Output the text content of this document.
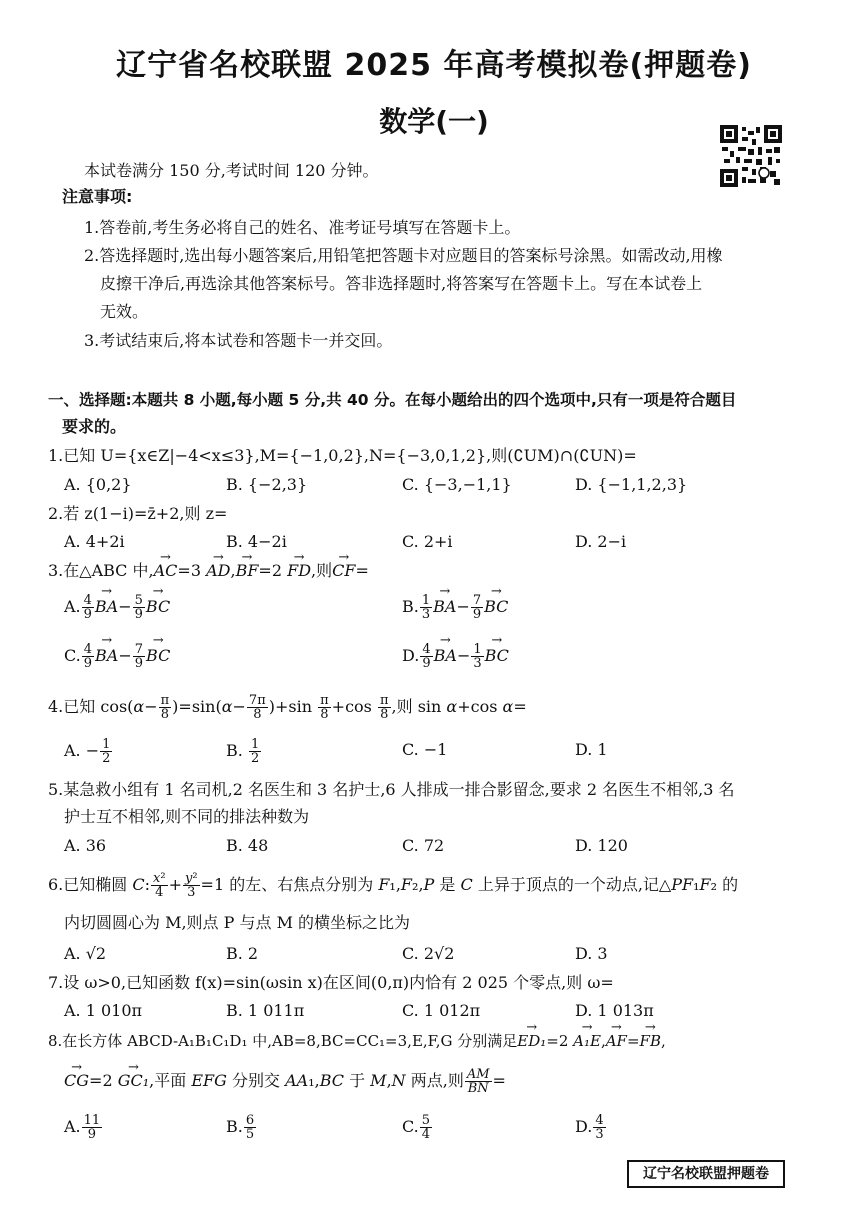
辽宁省名校联盟 2025 年高考模拟卷(押题卷)
数学(一)
本试卷满分 150 分,考试时间 120 分钟。
注意事项:
1.答卷前,考生务必将自己的姓名、准考证号填写在答题卡上。
2.答选择题时,选出每小题答案后,用铅笔把答题卡对应题目的答案标号涂黑。如需改动,用橡
皮擦干净后,再选涂其他答案标号。答非选择题时,将答案写在答题卡上。写在本试卷上
无效。
3.考试结束后,将本试卷和答题卡一并交回。
一、选择题:本题共 8 小题,每小题 5 分,共 40 分。在每小题给出的四个选项中,只有一项是符合题目
要求的。
1.已知 U={x∈Z|−4<x≤3},M={−1,0,2},N={−3,0,1,2},则(∁UM)∩(∁UN)=
A. {0,2}	B. {−2,3}	C. {−3,−1,1}	D. {−1,1,2,3}
2.若 z(1−i)=z̄+2,则 z=
A. 4+2i	B. 4−2i	C. 2+i	D. 2−i
3.在△ABC 中,→ AC=3 → AD,→ BF=2 → FD,则→ CF=
A. $\frac{4}{9}$
→ $BA- \frac{5}{9}$
→ BC	B. $\frac{1}{3}$
→ $BA- \frac{7}{9}$
→ BC
C. $\frac{4}{9}$
→ $BA- \frac{7}{9}$
→ BC	D. $\frac{4}{9}$
→ $BA- \frac{1}{3}$
→ BC
4.已知 $\cos(\alpha- \frac{\pi}{8} )=\sin(\alpha- \frac{7\pi}{8} )+\sin \frac{\pi}{8} +\cos \frac{\pi}{8}$ ,则 sin α+cos α=
A. − $\frac{1}{2}$	B. $\frac{1}{2}$	C. −1	D. 1
5.某急救小组有 1 名司机,2 名医生和 3 名护士,6 人排成一排合影留念,要求 2 名医生不相邻,3 名
护士互不相邻,则不同的排法种数为
A. 36	B. 48	C. 72	D. 120
6.已知椭圆 C: $\frac{\text{x²}}{4} + \frac{\text{y²}}{3} =1$ 的左、右焦点分别为 F₁,F₂,P 是 C 上异于顶点的一个动点,记△PF₁F₂ 的
内切圆圆心为 M,则点 P 与点 M 的横坐标之比为
A. √2	B. 2	C. 2√2	D. 3
7.设 ω>0,已知函数 f(x)=sin(ωsin x)在区间(0,π)内恰有 2 025 个零点,则 ω=
A. 1 010π	B. 1 011π	C. 1 012π	D. 1 013π
8.在长方体 ABCD-A₁B₁C₁D₁ 中,AB=8,BC=CC₁=3,E,F,G 分别满足→ ED₁=2 → A₁E,→ AF=→ FB,
→ CG=2 → GC₁,平面 EFG 分别交 AA₁,BC 于 M,N 两点,则 $\frac{AM}{BN}$ =
A. $\frac{11}{9}$	B. $\frac{6}{5}$	C. $\frac{5}{4}$	D. $\frac{4}{3}$
辽宁名校联盟押题卷
